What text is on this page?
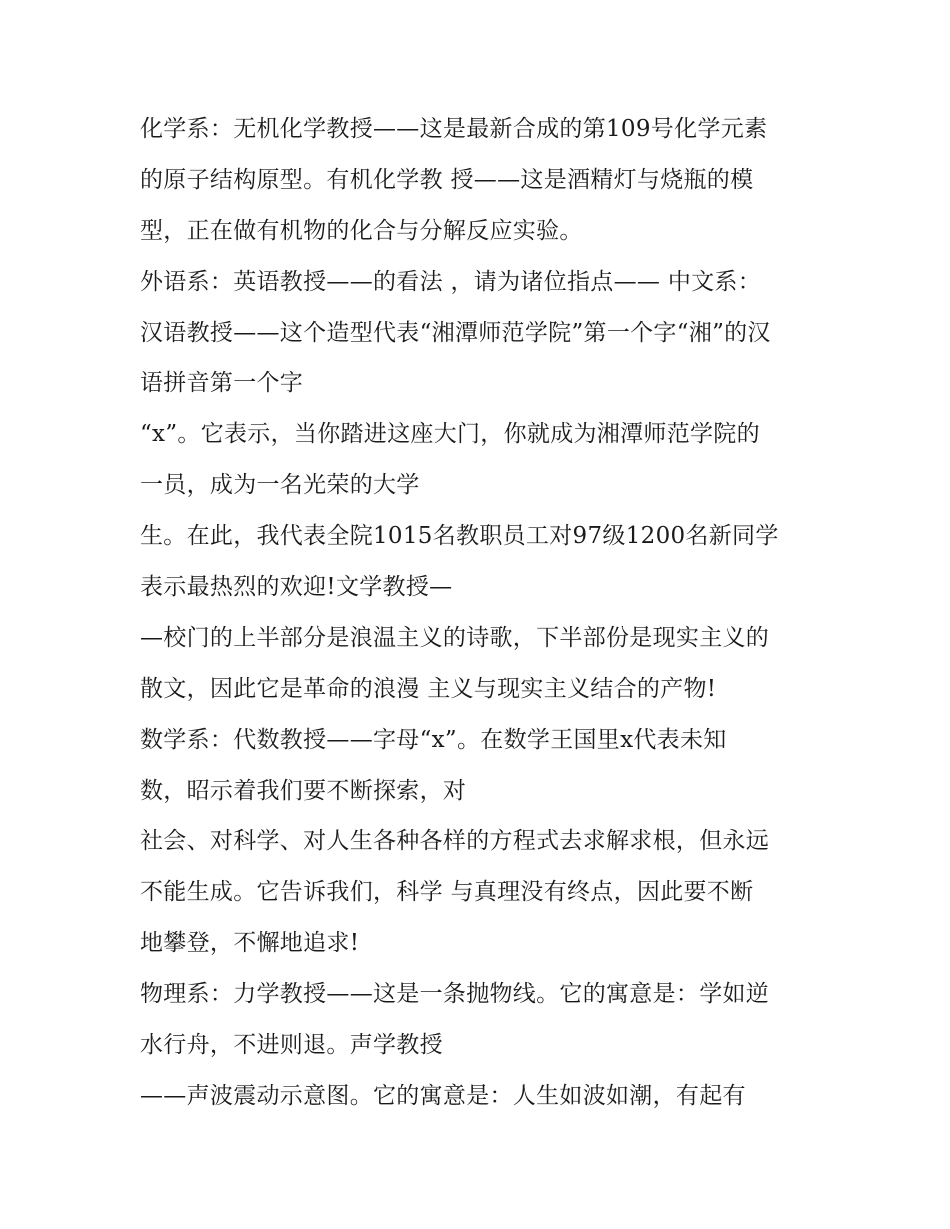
化学系：无机化学教授——这是最新合成的第109号化学元素
的原子结构原型。有机化学教 授——这是酒精灯与烧瓶的模
型，正在做有机物的化合与分解反应实验。
外语系：英语教授——的看法 ，请为诸位指点—— 中文系：
汉语教授——这个造型代表“湘潭师范学院”第一个字“湘”的汉
语拼音第一个字
“x”。它表示，当你踏进这座大门，你就成为湘潭师范学院的
一员，成为一名光荣的大学
生。在此，我代表全院1015名教职员工对97级1200名新同学
表示最热烈的欢迎!文学教授—
—校门的上半部分是浪温主义的诗歌，下半部份是现实主义的
散文，因此它是革命的浪漫 主义与现实主义结合的产物!
数学系：代数教授——字母“x”。在数学王国里x代表未知
数，昭示着我们要不断探索，对
社会、对科学、对人生各种各样的方程式去求解求根，但永远
不能生成。它告诉我们，科学 与真理没有终点，因此要不断
地攀登，不懈地追求!
物理系：力学教授——这是一条抛物线。它的寓意是：学如逆
水行舟，不进则退。声学教授
——声波震动示意图。它的寓意是：人生如波如潮，有起有
